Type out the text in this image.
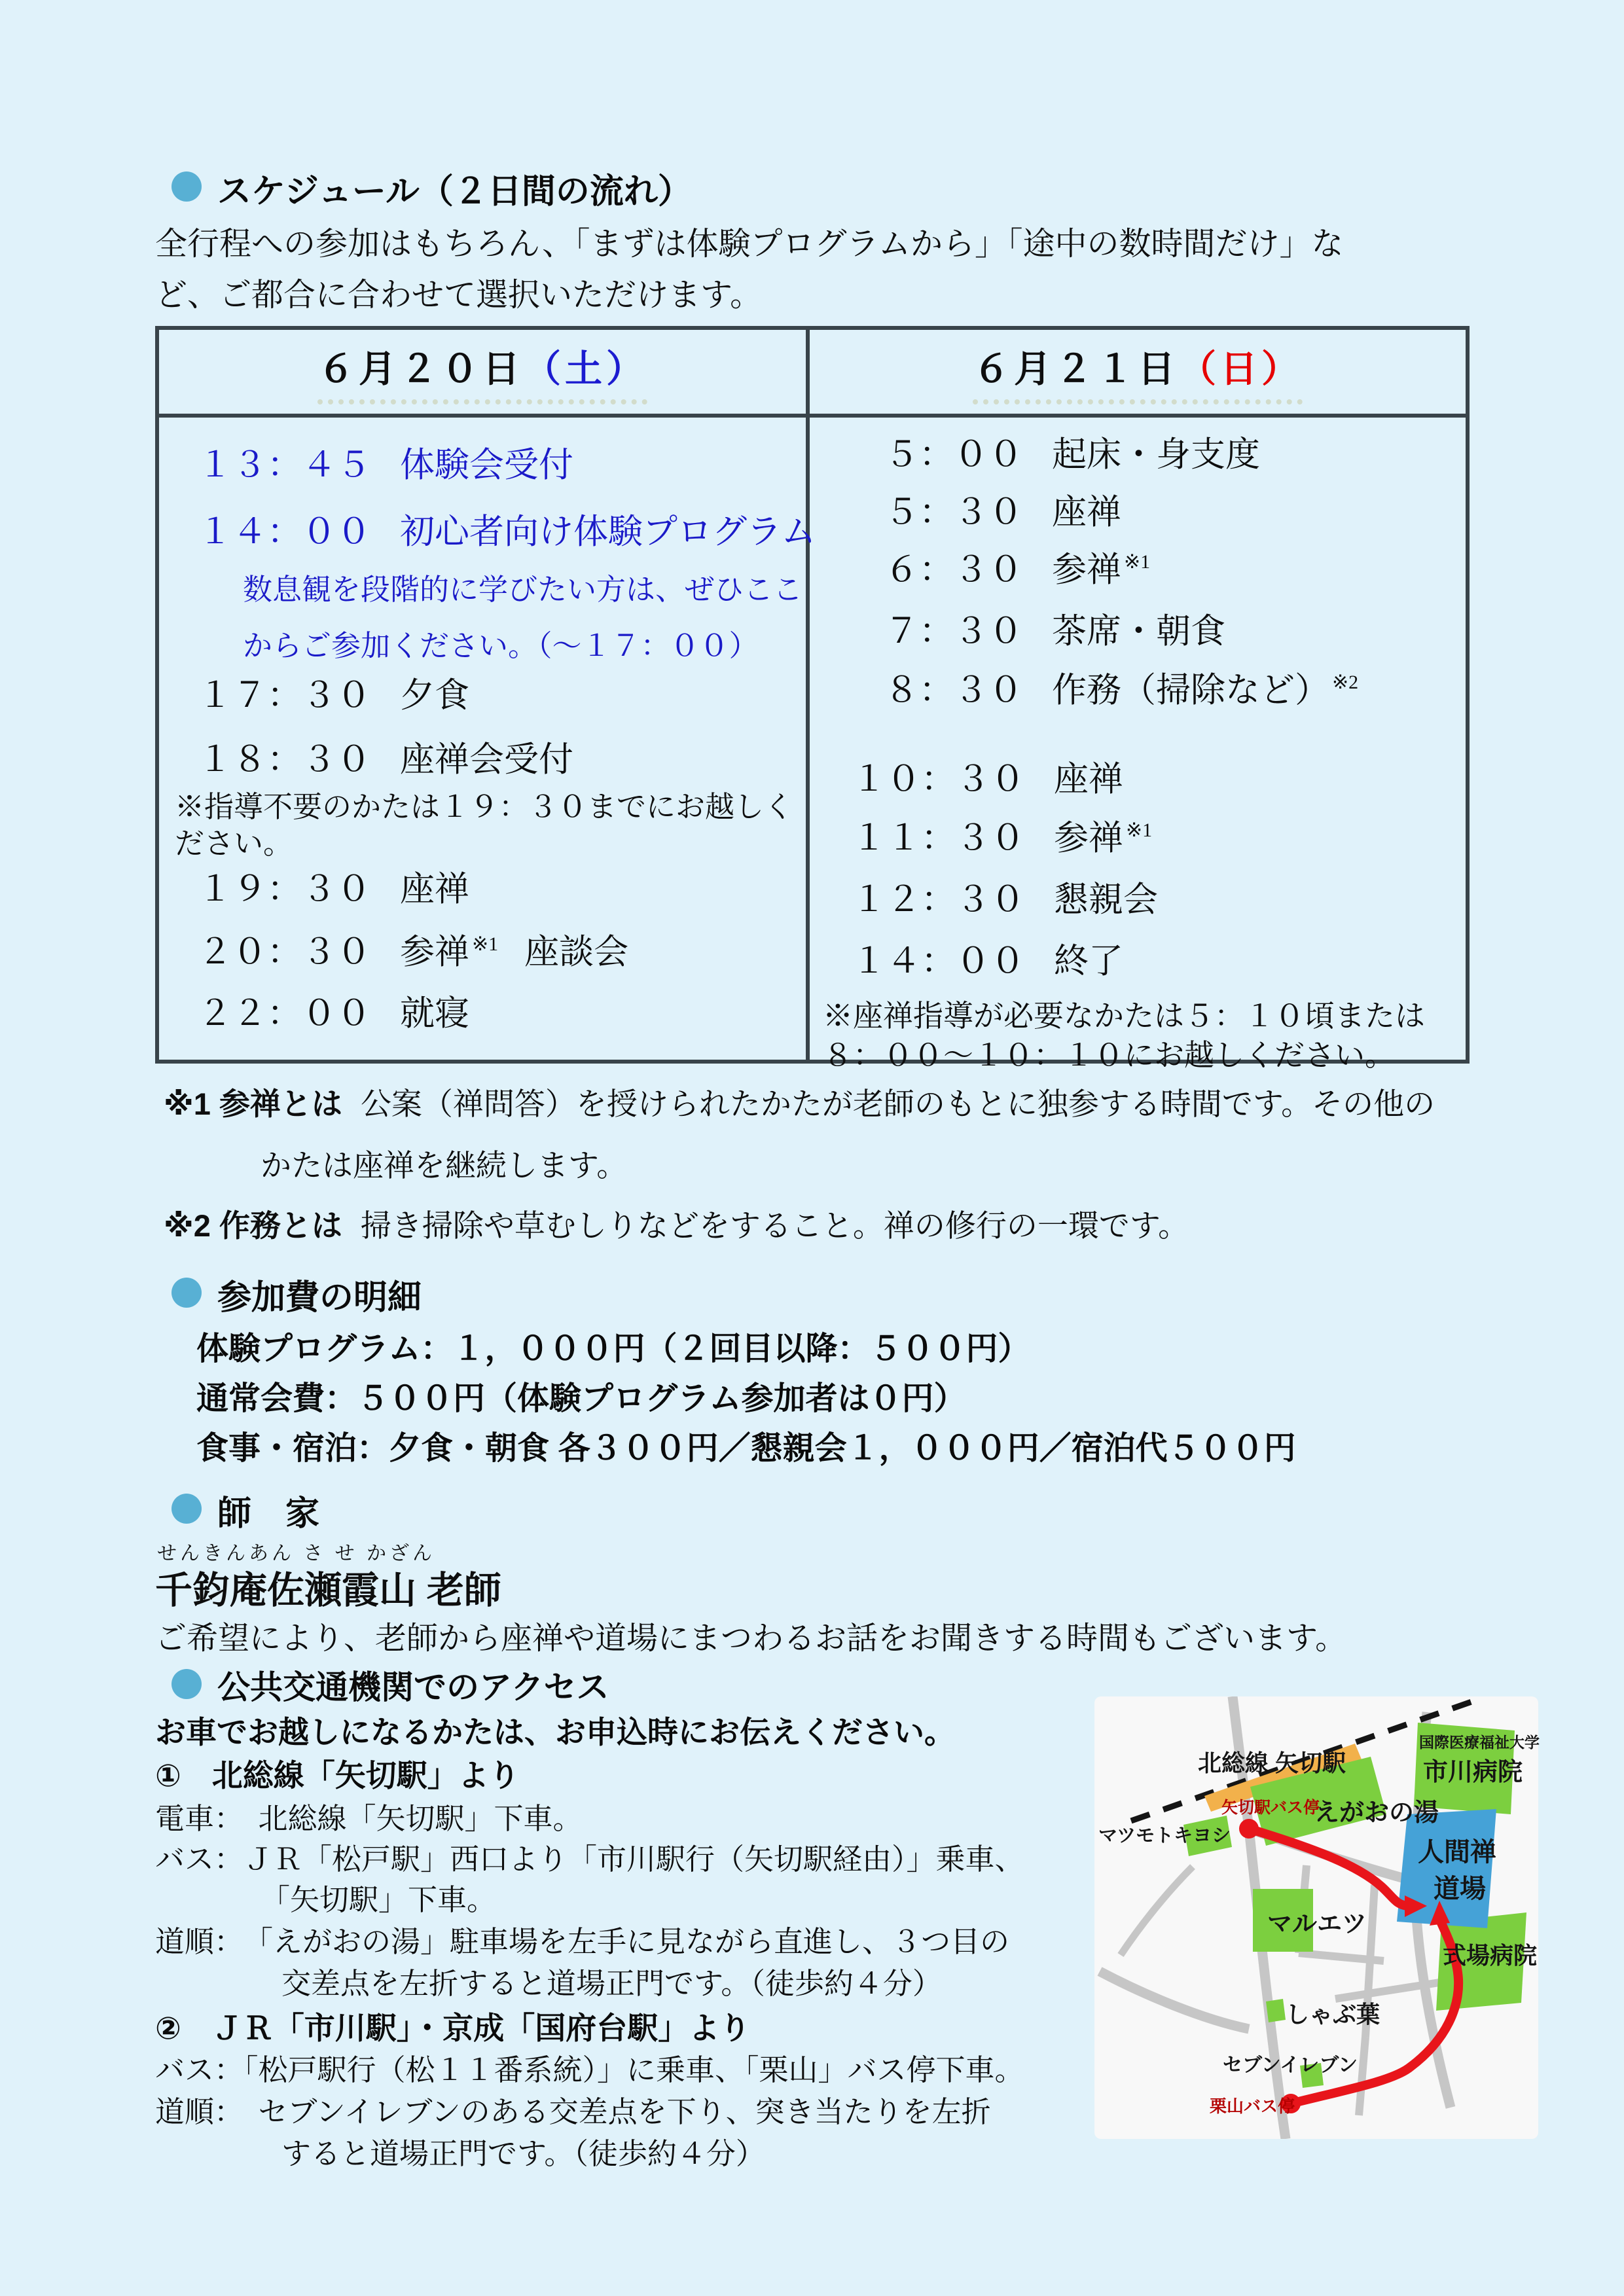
スケジュール（２日間の流れ）
全行程への参加はもちろん、「まずは体験プログラムから」「途中の数時間だけ」な
ど、ご都合に合わせて選択いただけます。
６月２０日（土）	６月２１日（日）
１３：４５ 体験会受付
１４：００ 初心者向け体験プログラム
数息観を段階的に学びたい方は、ぜひここ
からご参加ください。（～１７：００）
１７：３０ 夕食
１８：３０ 座禅会受付
※指導不要のかたは１９：３０までにお越しく
ださい。
１９：３０ 座禅
２０：３０ 参禅 $^{※1}$ 座談会
２２：００ 就寝
５：００ 起床・身支度
５：３０ 座禅
６：３０ 参禅 $^{※1}$
７：３０ 茶席・朝食
８：３０ 作務（掃除など） $^{※2}$
１０：３０ 座禅
１１：３０ 参禅 $^{※1}$
１２：３０ 懇親会
１４：００ 終了
※座禅指導が必要なかたは５：１０頃または
８：００～１０：１０にお越しください。
※1 参禅とは 公案（禅問答）を授けられたかたが老師のもとに独参する時間です。その他の
かたは座禅を継続します。
※2 作務とは 掃き掃除や草むしりなどをすること。禅の修行の一環です。
参加費の明細
体験プログラム：１，０００円（２回目以降：５００円）
通常会費：５００円（体験プログラム参加者は０円）
食事・宿泊：夕食・朝食 各３００円／懇親会１，０００円／宿泊代５００円
師　家
せんきんあん さ せ かざん
千鈞庵佐瀬霞山 老師
ご希望により、老師から座禅や道場にまつわるお話をお聞きする時間もございます。
公共交通機関でのアクセス
お車でお越しになるかたは、お申込時にお伝えください。
①　北総線「矢切駅」より
電車：　北総線「矢切駅」下車。
バス：ＪＲ「松戸駅」西口より「市川駅行（矢切駅経由）」乗車、
「矢切駅」下車。
道順：　「えがおの湯」駐車場を左手に見ながら直進し、３つ目の
交差点を左折すると道場正門です。（徒歩約４分）
②　ＪＲ「市川駅」・京成「国府台駅」より
バス：「松戸駅行（松１１番系統）」に乗車、「栗山」バス停下車。
道順：　セブンイレブンのある交差点を下り、突き当たりを左折
すると道場正門です。（徒歩約４分）
北総線 矢切駅
矢切駅バス停
えがおの湯
マツモトキヨシ
国際医療福祉大学
市川病院
人間禅
道場
マルエツ
式場病院
しゃぶ葉
セブンイレブン
栗山バス停
